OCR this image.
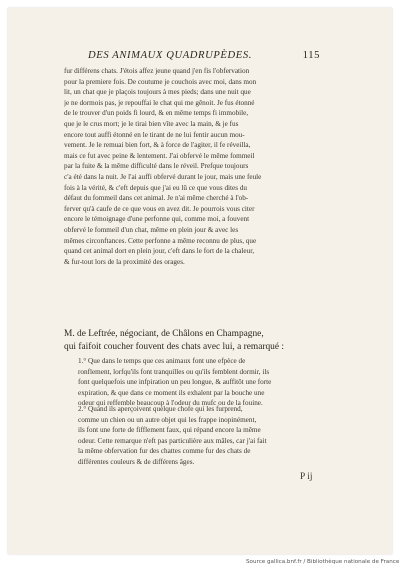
DES ANIMAUX QUADRUPÈDES.	115
fur différens chats. J'étois affez jeune quand j'en fis l'obfervation
pour la premiere fois. De coutume je couchois avec moi, dans mon
lit, un chat que je plaçois toujours à mes pieds; dans une nuit que
je ne dormois pas, je repouffai le chat qui me gênoit. Je fus étonné
de le trouver d'un poids fi lourd, & en même temps fi immobile,
que je le crus mort; je le tirai bien vîte avec la main, & je fus
encore tout auffi étonné en le tirant de ne lui fentir aucun mou-
vement. Je le remuai bien fort, & à force de l'agiter, il fe réveilla,
mais ce fut avec peine & lentement. J'ai obfervé le même fommeil
par la fuite & la même difficulté dans le réveil. Prefque toujours
c'a été dans la nuit. Je l'ai auffi obfervé durant le jour, mais une feule
fois à la vérité, & c'eft depuis que j'ai eu lû ce que vous dites du
défaut du fommeil dans cet animal. Je n'ai même cherché à l'ob-
ferver qu'à caufe de ce que vous en avez dit. Je pourrois vous citer
encore le témoignage d'une perfonne qui, comme moi, a fouvent
obfervé le fommeil d'un chat, même en plein jour & avec les
mêmes circonftances. Cette perfonne a même reconnu de plus, que
quand cet animal dort en plein jour, c'eft dans le fort de la chaleur,
& fur-tout lors de la proximité des orages.
M. de Leftrée, négociant, de Châlons en Champagne,
qui faifoit coucher fouvent des chats avec lui, a remarqué :
1.° Que dans le temps que ces animaux font une efpèce de
ronflement, lorfqu'ils font tranquilles ou qu'ils femblent dormir, ils
font quelquefois une infpiration un peu longue, & auffitôt une forte
expiration, & que dans ce moment ils exhalent par la bouche une
odeur qui reffemble beaucoup à l'odeur du mufc ou de la fouine.
2.° Quand ils aperçoivent quelque chofe qui les furprend,
comme un chien ou un autre objet qui les frappe inopinément,
ils font une forte de fifflement faux, qui répand encore la même
odeur. Cette remarque n'eft pas particulière aux mâles, car j'ai fait
la même obfervation fur des chattes comme fur des chats de
différentes couleurs & de différens âges.
P ij
Source gallica.bnf.fr / Bibliothèque nationale de France
